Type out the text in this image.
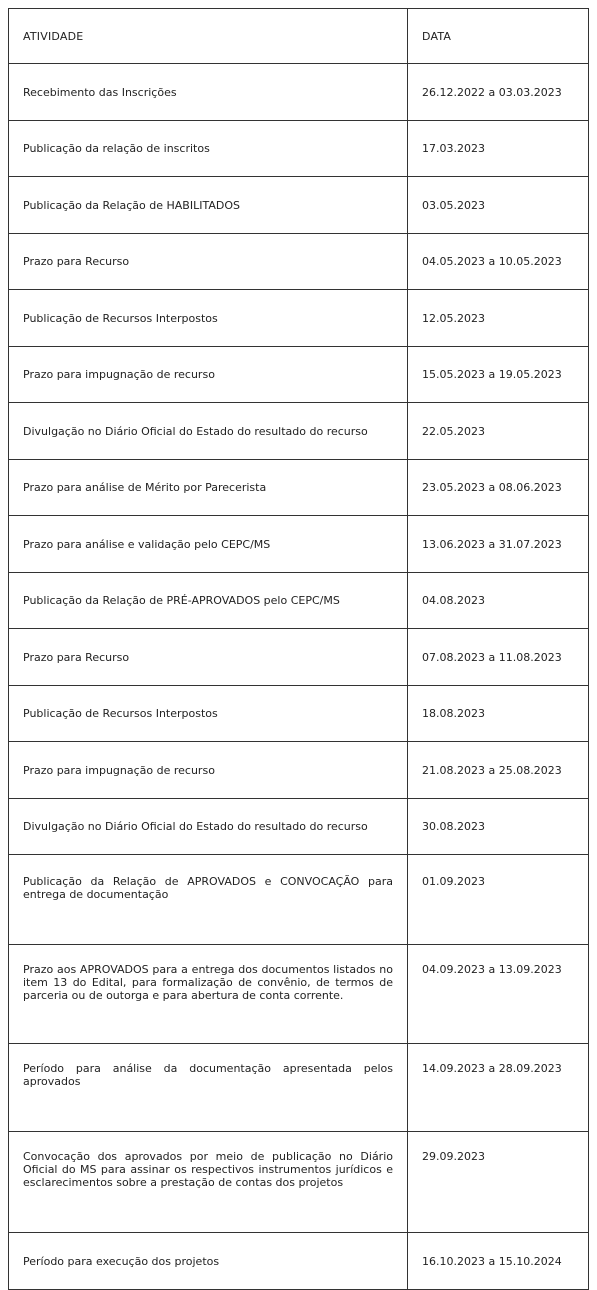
ATIVIDADE	DATA
Recebimento das Inscrições	26.12.2022 a 03.03.2023
Publicação da relação de inscritos	17.03.2023
Publicação da Relação de HABILITADOS	03.05.2023
Prazo para Recurso	04.05.2023 a 10.05.2023
Publicação de Recursos Interpostos	12.05.2023
Prazo para impugnação de recurso	15.05.2023 a 19.05.2023
Divulgação no Diário Oficial do Estado do resultado do recurso	22.05.2023
Prazo para análise de Mérito por Parecerista	23.05.2023 a 08.06.2023
Prazo para análise e validação pelo CEPC/MS	13.06.2023 a 31.07.2023
Publicação da Relação de PRÉ-APROVADOS pelo CEPC/MS	04.08.2023
Prazo para Recurso	07.08.2023 a 11.08.2023
Publicação de Recursos Interpostos	18.08.2023
Prazo para impugnação de recurso	21.08.2023 a 25.08.2023
Divulgação no Diário Oficial do Estado do resultado do recurso	30.08.2023
Publicação da Relação de APROVADOS e CONVOCAÇÃO para entrega de documentação	01.09.2023
Prazo aos APROVADOS para a entrega dos documentos listados no item 13 do Edital, para formalização de convênio, de termos de parceria ou de outorga e para abertura de conta corrente.	04.09.2023 a 13.09.2023
Período para análise da documentação apresentada pelos aprovados	14.09.2023 a 28.09.2023
Convocação dos aprovados por meio de publicação no Diário Oficial do MS para assinar os respectivos instrumentos jurídicos e esclarecimentos sobre a prestação de contas dos projetos	29.09.2023
Período para execução dos projetos	16.10.2023 a 15.10.2024
